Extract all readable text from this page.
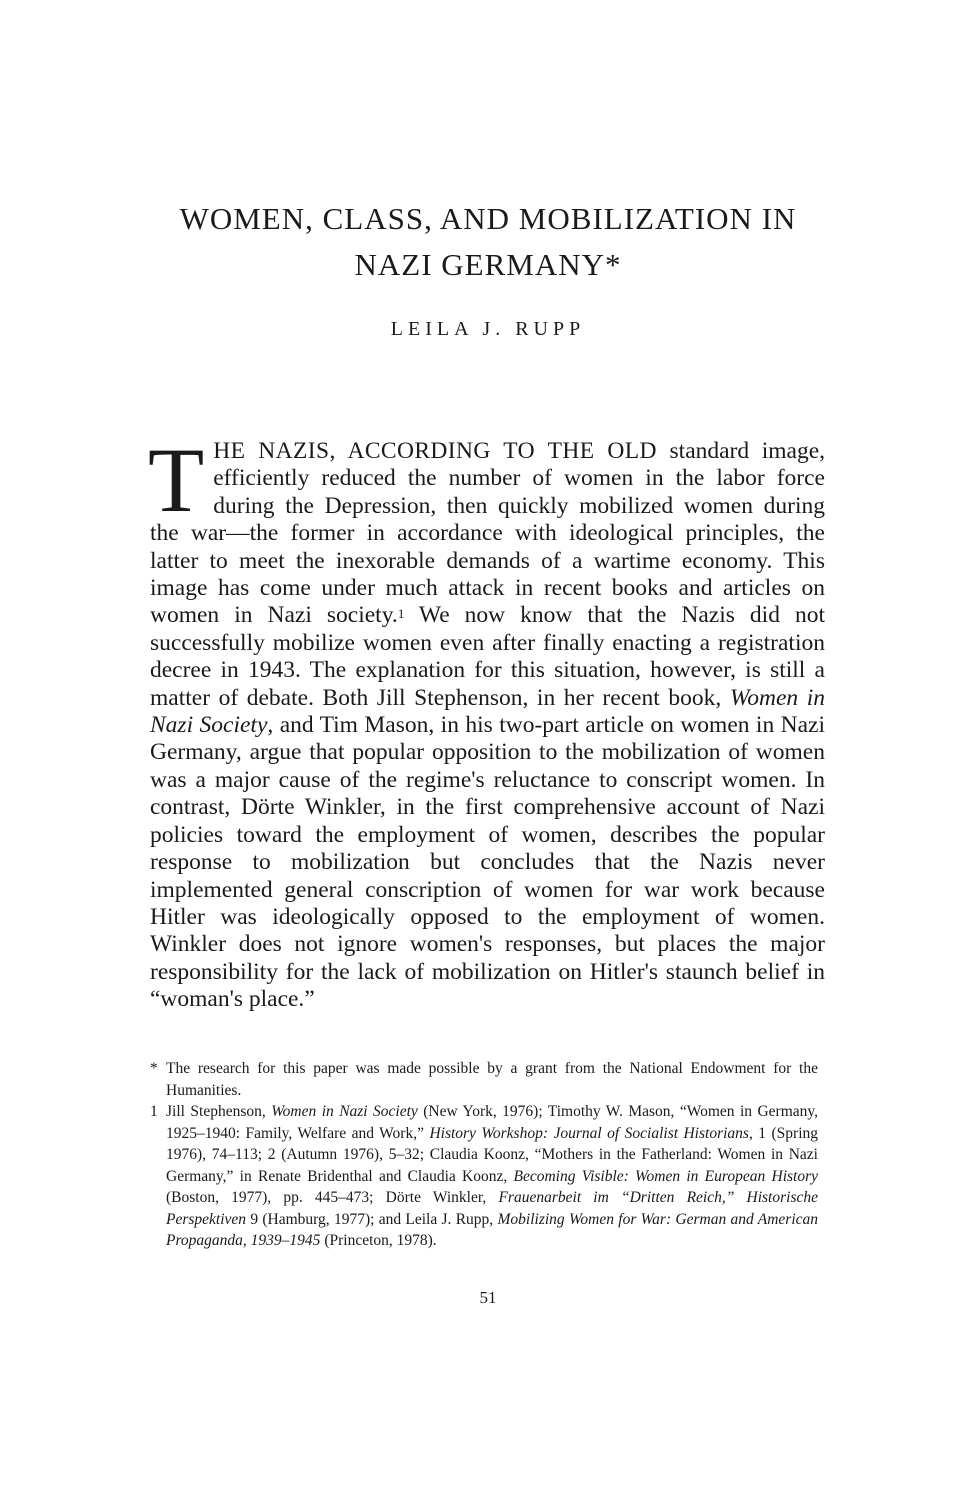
WOMEN, CLASS, AND MOBILIZATION IN
NAZI GERMANY*
LEILA J. RUPP

THE NAZIS, ACCORDING TO THE OLD standard image, efficiently reduced the number of women in the labor force during the Depression, then quickly mobilized women during the war—the former in accordance with ideological principles, the latter to meet the inexorable demands of a wartime economy. This image has come under much attack in recent books and articles on women in Nazi society.$^1$ We now know that the Nazis did not successfully mobilize women even after finally enacting a registration decree in 1943. The explanation for this situation, however, is still a matter of debate. Both Jill Stephenson, in her recent book, Women in Nazi Society, and Tim Mason, in his two-part article on women in Nazi Germany, argue that popular opposition to the mobilization of women was a major cause of the regime's reluctance to conscript women. In contrast, Dörte Winkler, in the first comprehensive account of Nazi policies toward the employment of women, describes the popular response to mobilization but concludes that the Nazis never implemented general conscription of women for war work because Hitler was ideologically opposed to the employment of women. Winkler does not ignore women's responses, but places the major responsibility for the lack of mobilization on Hitler's staunch belief in “woman's place.”

* The research for this paper was made possible by a grant from the National Endowment for the Humanities.

1 Jill Stephenson, Women in Nazi Society (New York, 1976); Timothy W. Mason, “Women in Germany, 1925–1940: Family, Welfare and Work,” History Workshop: Journal of Socialist Historians, 1 (Spring 1976), 74–113; 2 (Autumn 1976), 5–32; Claudia Koonz, “Mothers in the Fatherland: Women in Nazi Germany,” in Renate Bridenthal and Claudia Koonz, Becoming Visible: Women in European History (Boston, 1977), pp. 445–473; Dörte Winkler, Frauenarbeit im “Dritten Reich,” Historische Perspektiven 9 (Hamburg, 1977); and Leila J. Rupp, Mobilizing Women for War: German and American Propaganda, 1939–1945 (Princeton, 1978).

51
